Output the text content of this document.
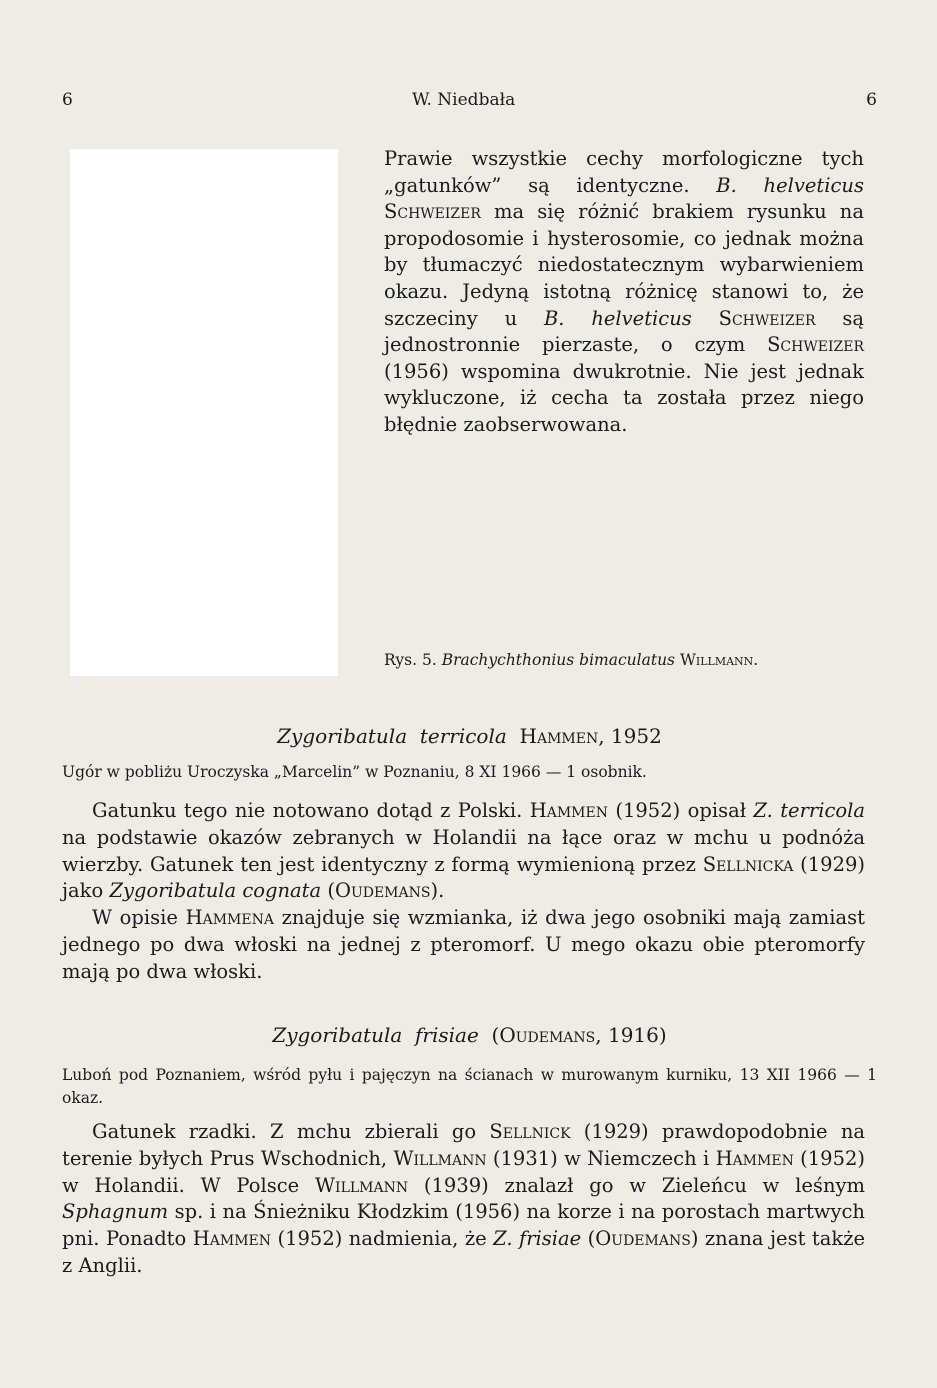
6	W. Niedbała	6

Prawie wszystkie cechy morfologiczne tych „gatunków” są identyczne. B. helveticus Schweizer ma się różnić brakiem rysunku na propodosomie i hysterosomie, co jednak można by tłumaczyć niedostatecznym wybarwieniem okazu. Jedyną istotną różnicę stanowi to, że szczeciny u B. helveticus Schweizer są jednostronnie pierzaste, o czym Schweizer (1956) wspomina dwukrotnie. Nie jest jednak wykluczone, iż cecha ta została przez niego błędnie zaobserwowana.

Rys. 5. Brachychthonius bimaculatus Willmann.
Zygoribatula terricola Hammen, 1952

Ugór w pobliżu Uroczyska „Marcelin” w Poznaniu, 8 XI 1966 — 1 osobnik.

Gatunku tego nie notowano dotąd z Polski. Hammen (1952) opisał Z. terricola na podstawie okazów zebranych w Holandii na łące oraz w mchu u podnóża wierzby. Gatunek ten jest identyczny z formą wymienioną przez Sellnicka (1929) jako Zygoribatula cognata (Oudemans).

W opisie Hammena znajduje się wzmianka, iż dwa jego osobniki mają zamiast jednego po dwa włoski na jednej z pteromorf. U mego okazu obie pteromorfy mają po dwa włoski.

Zygoribatula frisiae  (Oudemans, 1916)

Luboń pod Poznaniem, wśród pyłu i pajęczyn na ścianach w murowanym kurniku, 13 XII 1966 — 1 okaz.

Gatunek rzadki. Z mchu zbierali go Sellnick (1929) prawdopodobnie na terenie byłych Prus Wschodnich, Willmann (1931) w Niemczech i Hammen (1952) w Holandii. W Polsce Willmann (1939) znalazł go w Zieleńcu w leśnym Sphagnum sp. i na Śnieżniku Kłodzkim (1956) na korze i na porostach martwych pni. Ponadto Hammen (1952) nadmienia, że Z. frisiae (Oudemans) znana jest także z Anglii.
